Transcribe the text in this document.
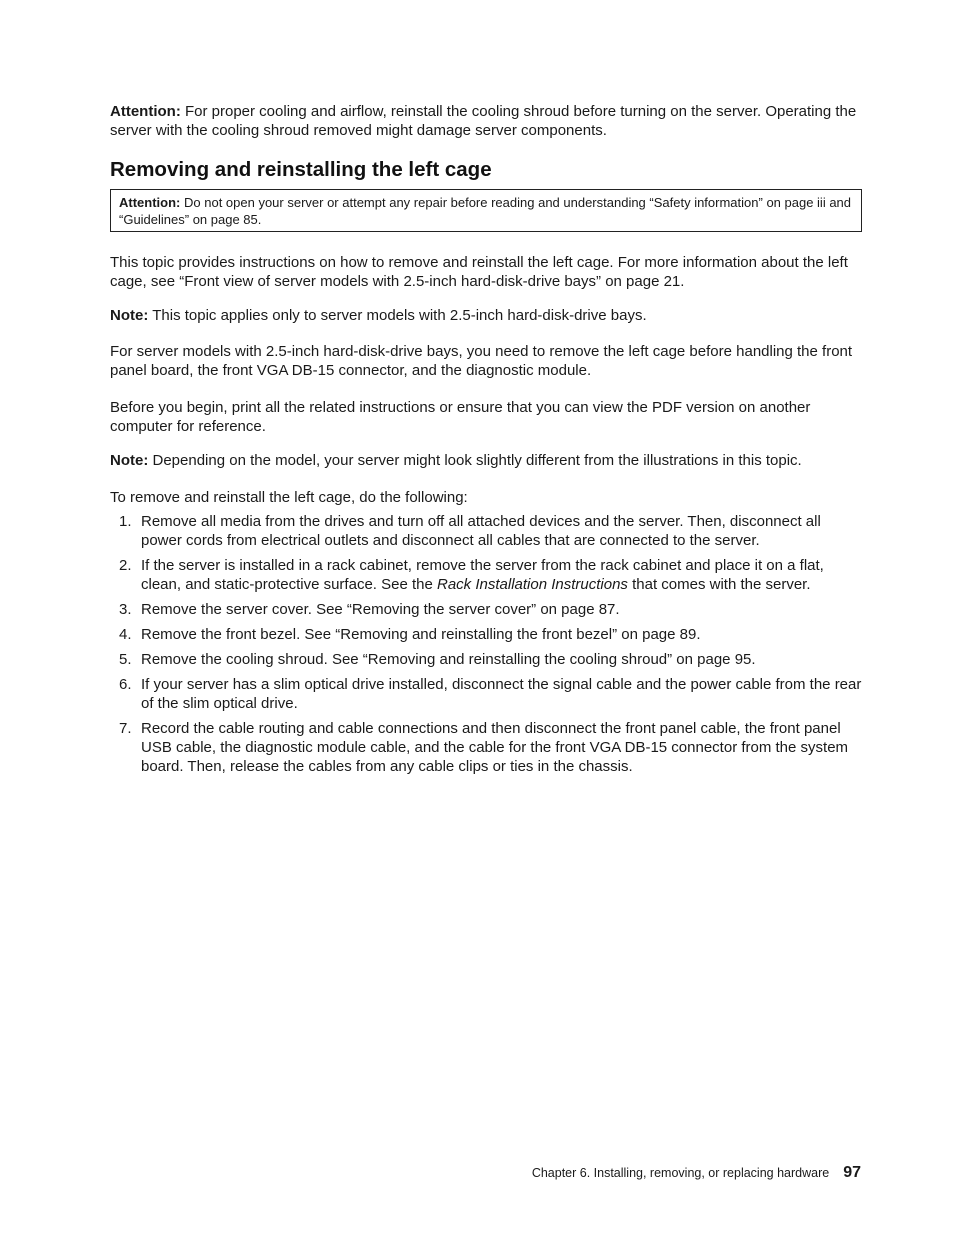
Attention: For proper cooling and airflow, reinstall the cooling shroud before turning on the server. Operating the server with the cooling shroud removed might damage server components.

Removing and reinstalling the left cage
Attention: Do not open your server or attempt any repair before reading and understanding “Safety information” on page iii and “Guidelines” on page 85.

This topic provides instructions on how to remove and reinstall the left cage. For more information about the left cage, see “Front view of server models with 2.5-inch hard-disk-drive bays” on page 21.

Note: This topic applies only to server models with 2.5-inch hard-disk-drive bays.

For server models with 2.5-inch hard-disk-drive bays, you need to remove the left cage before handling the front panel board, the front VGA DB-15 connector, and the diagnostic module.

Before you begin, print all the related instructions or ensure that you can view the PDF version on another computer for reference.

Note: Depending on the model, your server might look slightly different from the illustrations in this topic.

To remove and reinstall the left cage, do the following:

1. Remove all media from the drives and turn off all attached devices and the server. Then, disconnect all power cords from electrical outlets and disconnect all cables that are connected to the server.
2. If the server is installed in a rack cabinet, remove the server from the rack cabinet and place it on a flat, clean, and static-protective surface. See the Rack Installation Instructions that comes with the server.
3. Remove the server cover. See “Removing the server cover” on page 87.
4. Remove the front bezel. See “Removing and reinstalling the front bezel” on page 89.
5. Remove the cooling shroud. See “Removing and reinstalling the cooling shroud” on page 95.
6. If your server has a slim optical drive installed, disconnect the signal cable and the power cable from the rear of the slim optical drive.
7. Record the cable routing and cable connections and then disconnect the front panel cable, the front panel USB cable, the diagnostic module cable, and the cable for the front VGA DB-15 connector from the system board. Then, release the cables from any cable clips or ties in the chassis.
Chapter 6. Installing, removing, or replacing hardware 97
